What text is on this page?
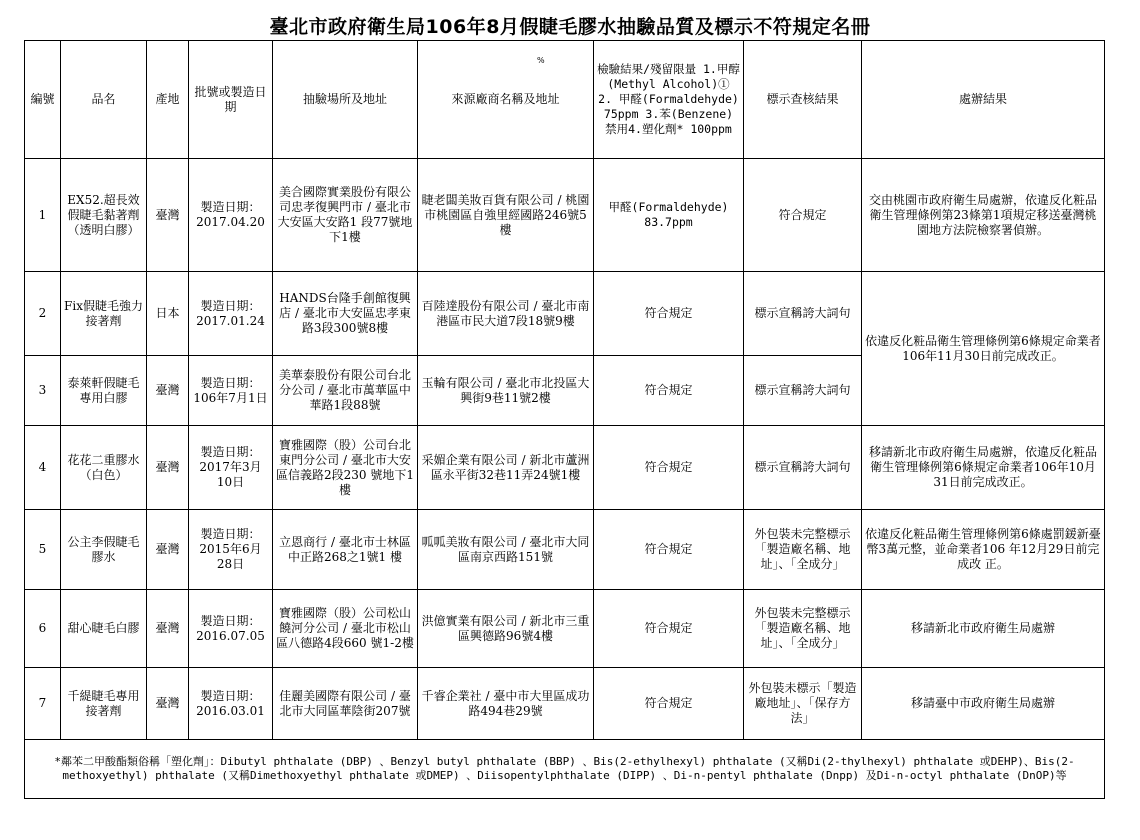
臺北市政府衛生局106年8月假睫毛膠水抽驗品質及標示不符規定名冊
%
編號	品名	產地	批號或製造日期	抽驗場所及地址	來源廠商名稱及地址	檢驗結果/殘留限量 1.甲醇(Methyl Alcohol)① 2. 甲醛(Formaldehyde) 75ppm 3.苯(Benzene) 禁用4.塑化劑* 100ppm	標示查核結果	處辦結果
1	EX52.超長效假睫毛黏著劑（透明白膠）	臺灣	製造日期：2017.04.20	美合國際實業股份有限公司忠孝復興門市 / 臺北市大安區大安路1 段77號地下1樓	睫老闆美妝百貨有限公司 / 桃園市桃園區自強里經國路246號5樓	甲醛(Formaldehyde) 83.7ppm	符合規定	交由桃園市政府衛生局處辦，依違反化粧品衛生管理條例第23條第1項規定移送臺灣桃園地方法院檢察署偵辦。
2	Fix假睫毛強力接著劑	日本	製造日期：2017.01.24	HANDS台隆手創館復興店 / 臺北市大安區忠孝東路3段300號8樓	百陸達股份有限公司 / 臺北市南港區市民大道7段18號9樓	符合規定	標示宣稱誇大詞句	依違反化粧品衛生管理條例第6條規定命業者 106年11月30日前完成改正。
3	泰萊軒假睫毛專用白膠	臺灣	製造日期：106年7月1日	美華泰股份有限公司台北分公司 / 臺北市萬華區中華路1段88號	玉輪有限公司 / 臺北市北投區大興街9巷11號2樓	符合規定	標示宣稱誇大詞句	
4	花花二重膠水（白色）	臺灣	製造日期：2017年3月10日	寶雅國際（股）公司台北東門分公司 / 臺北市大安區信義路2段230 號地下1樓	采媚企業有限公司 / 新北市蘆洲區永平街32巷11弄24號1樓	符合規定	標示宣稱誇大詞句	移請新北市政府衛生局處辦，依違反化粧品衛生管理條例第6條規定命業者106年10月31日前完成改正。
5	公主李假睫毛膠水	臺灣	製造日期：2015年6月28日	立恩商行 / 臺北市士林區中正路268之1號1 樓	呱呱美妝有限公司 / 臺北市大同區南京西路151號	符合規定	外包裝未完整標示「製造廠名稱、地址」、「全成分」	依違反化粧品衛生管理條例第6條處罰鍰新臺幣3萬元整，並命業者106 年12月29日前完成改 正。
6	甜心睫毛白膠	臺灣	製造日期：2016.07.05	寶雅國際（股）公司松山饒河分公司 / 臺北市松山區八德路4段660 號1-2樓	洪億實業有限公司 / 新北市三重區興德路96號4樓	符合規定	外包裝未完整標示「製造廠名稱、地址」、「全成分」	移請新北市政府衛生局處辦
7	千緹睫毛專用接著劑	臺灣	製造日期：2016.03.01	佳麗美國際有限公司 / 臺北市大同區華陰街207號	千睿企業社 / 臺中市大里區成功路494巷29號	符合規定	外包裝未標示「製造廠地址」、「保存方法」	移請臺中市政府衛生局處辦
*鄰苯二甲酸酯類俗稱「塑化劑」：Dibutyl phthalate (DBP) 、Benzyl butyl phthalate (BBP) 、Bis(2-ethylhexyl) phthalate (又稱Di(2-thylhexyl) phthalate 或DEHP)、Bis(2-methoxyethyl) phthalate (又稱Dimethoxyethyl phthalate 或DMEP) 、Diisopentylphthalate (DIPP) 、Di-n-pentyl phthalate (Dnpp) 及Di-n-octyl phthalate (DnOP)等								
